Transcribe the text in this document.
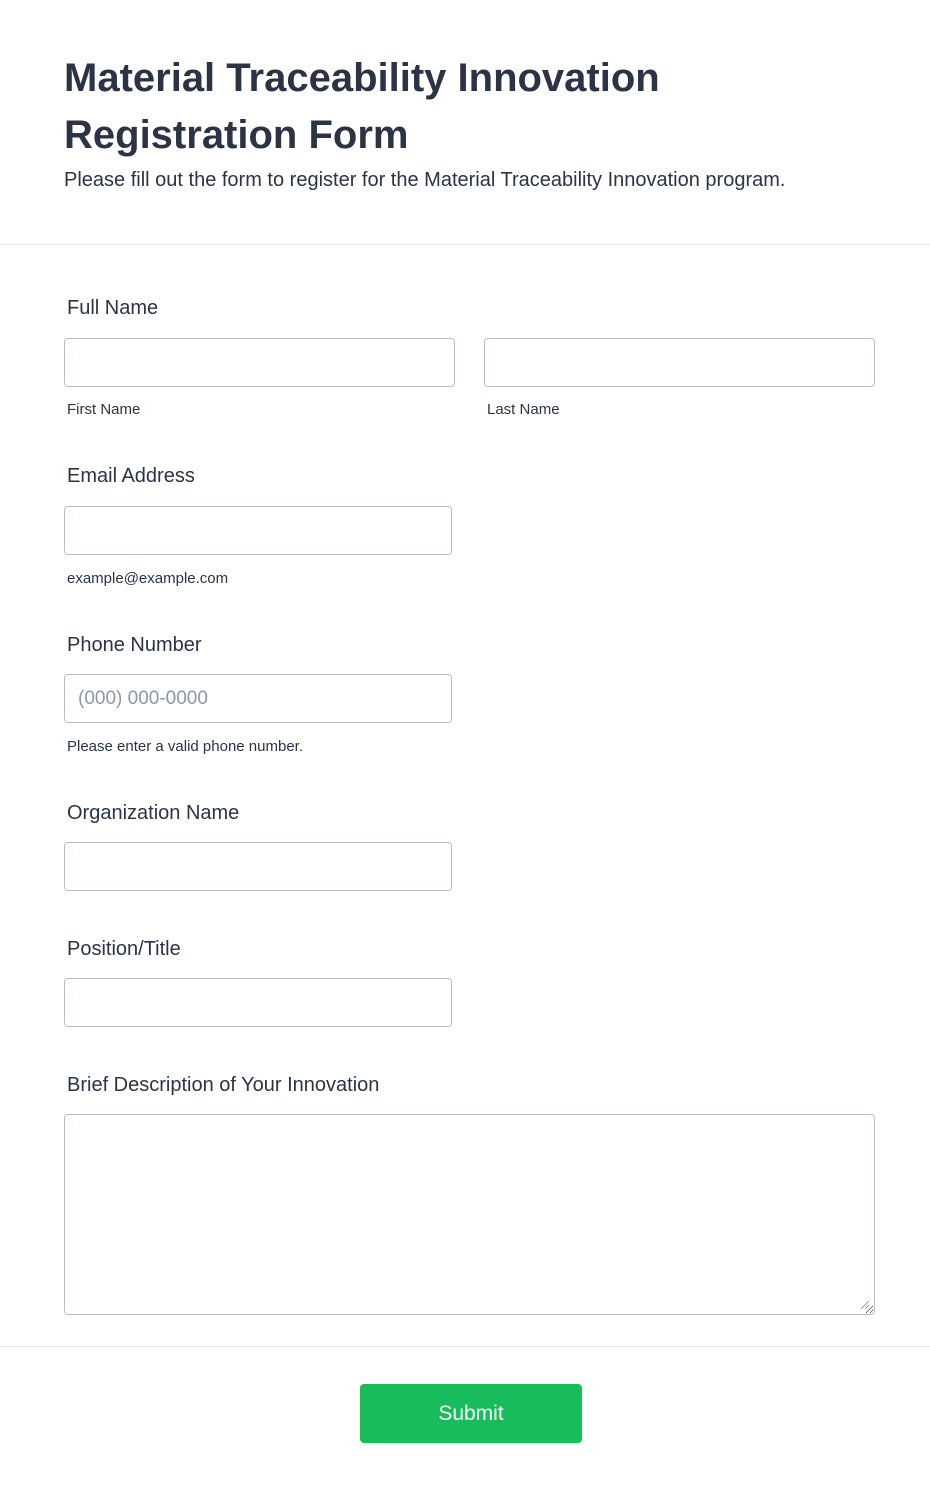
Material Traceability Innovation Registration Form

Please fill out the form to register for the Material Traceability Innovation program.

Full Name
First Name	Last Name
Email Address
example@example.com
Phone Number
(000) 000-0000
Please enter a valid phone number.
Organization Name
Position/Title
Brief Description of Your Innovation
Submit
